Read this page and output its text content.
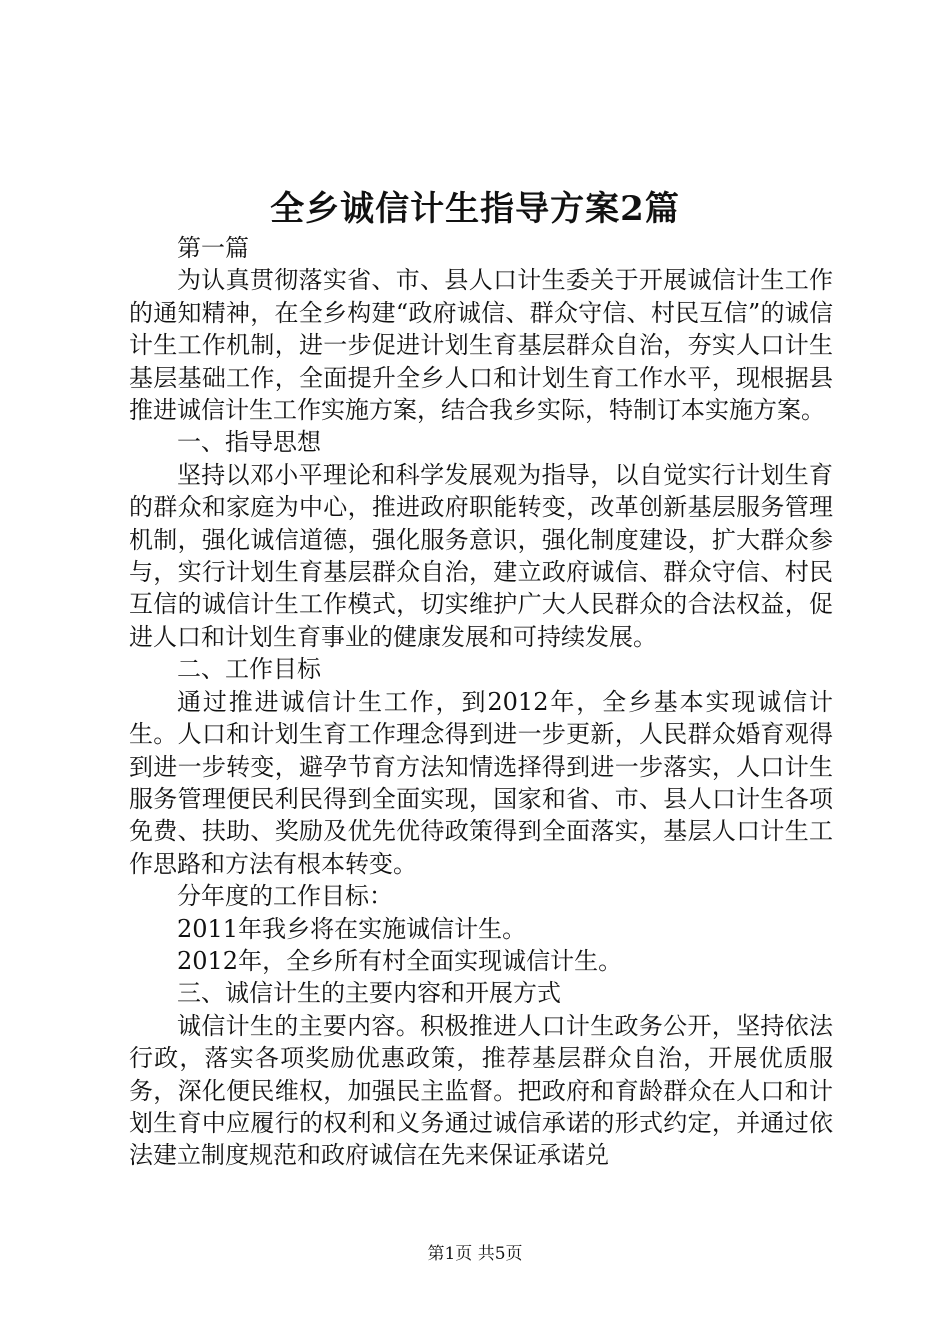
全乡诚信计生指导方案2篇

第一篇

为认真贯彻落实省、市、县人口计生委关于开展诚信计生工作的通知精神，在全乡构建“政府诚信、群众守信、村民互信”的诚信计生工作机制，进一步促进计划生育基层群众自治，夯实人口计生基层基础工作，全面提升全乡人口和计划生育工作水平，现根据县推进诚信计生工作实施方案，结合我乡实际，特制订本实施方案。

一、指导思想

坚持以邓小平理论和科学发展观为指导，以自觉实行计划生育的群众和家庭为中心，推进政府职能转变，改革创新基层服务管理机制，强化诚信道德，强化服务意识，强化制度建设，扩大群众参与，实行计划生育基层群众自治，建立政府诚信、群众守信、村民互信的诚信计生工作模式，切实维护广大人民群众的合法权益，促进人口和计划生育事业的健康发展和可持续发展。

二、工作目标

通过推进诚信计生工作，到2012年，全乡基本实现诚信计生。人口和计划生育工作理念得到进一步更新，人民群众婚育观得到进一步转变，避孕节育方法知情选择得到进一步落实，人口计生服务管理便民利民得到全面实现，国家和省、市、县人口计生各项免费、扶助、奖励及优先优待政策得到全面落实，基层人口计生工作思路和方法有根本转变。

分年度的工作目标：

2011年我乡将在实施诚信计生。

2012年，全乡所有村全面实现诚信计生。

三、诚信计生的主要内容和开展方式

诚信计生的主要内容。积极推进人口计生政务公开，坚持依法行政，落实各项奖励优惠政策，推荐基层群众自治，开展优质服务，深化便民维权，加强民主监督。把政府和育龄群众在人口和计划生育中应履行的权利和义务通过诚信承诺的形式约定，并通过依法建立制度规范和政府诚信在先来保证承诺兑

第1页 共5页
